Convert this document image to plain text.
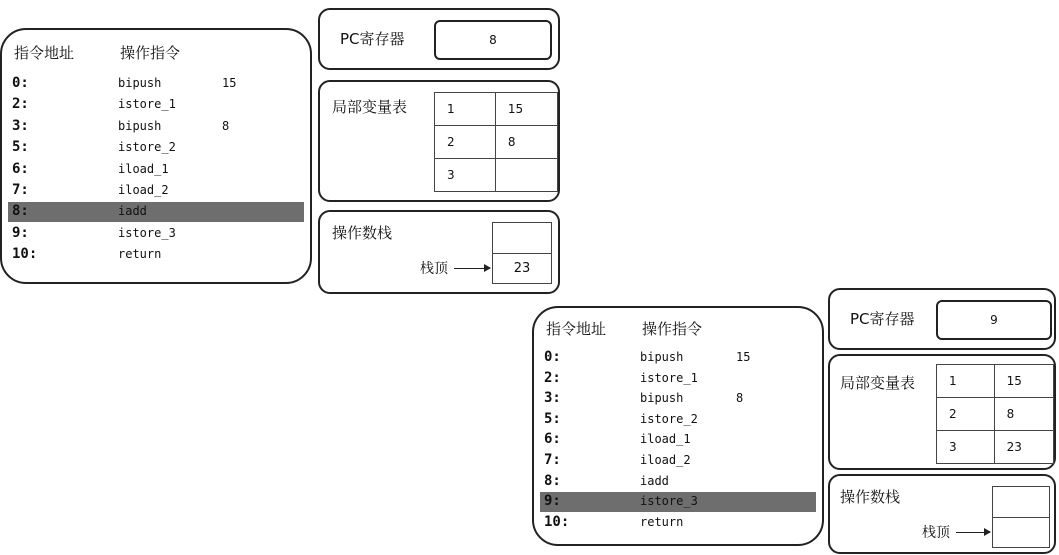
指令地址	操作指令
0:	bipush	15
2:	istore_1
3:	bipush	8
5:	istore_2
6:	iload_1
7:	iload_2
8:	iadd
9:	istore_3
10:	return
PC寄存器	8
局部变量表	1	15
2	8
3	
操作数栈
23
栈顶
指令地址 操作指令
0:	bipush	15
2:	istore_1
3:	bipush	8
5:	istore_2
6:	iload_1
7:	iload_2
8:	iadd
9:	istore_3
10:	return
PC寄存器	9
局部变量表	1	15
2	8
3	23
操作数栈
栈顶
